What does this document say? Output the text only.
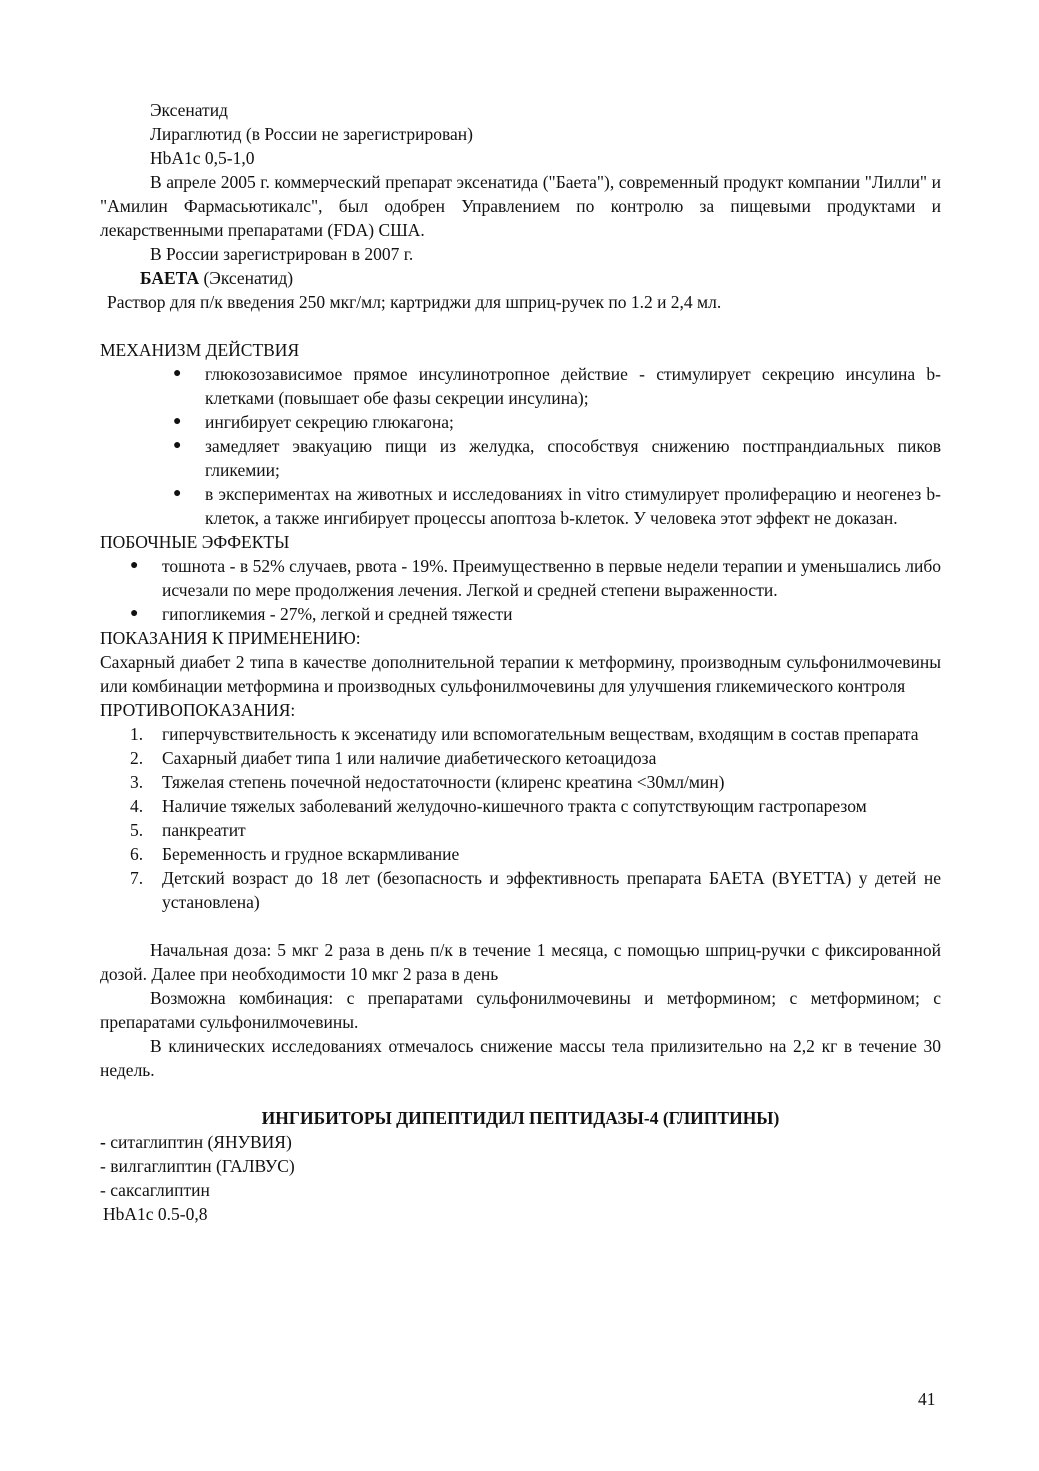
Эксенатид

Лираглютид (в России не зарегистрирован)

HbA1c 0,5-1,0

В апреле 2005 г. коммерческий препарат эксенатида ("Баета"), современный продукт компании "Лилли" и "Амилин Фармасьютикалс", был одобрен Управлением по контролю за пищевыми продуктами и лекарственными препаратами (FDA) США.

В России зарегистрирован в 2007 г.

БАЕТА (Эксенатид)

Раствор для п/к введения 250 мкг/мл; картриджи для шприц-ручек по 1.2 и 2,4 мл.

МЕХАНИЗМ ДЕЙСТВИЯ

● глюкозозависимое прямое инсулинотропное действие - стимулирует секрецию инсулина b-клетками (повышает обе фазы секреции инсулина);
● ингибирует секрецию глюкагона;
● замедляет эвакуацию пищи из желудка, способствуя снижению постпрандиальных пиков гликемии;
● в экспериментах на животных и исследованиях in vitro стимулирует пролиферацию и неогенез b-клеток, а также ингибирует процессы апоптоза b-клеток. У человека этот эффект не доказан.

ПОБОЧНЫЕ ЭФФЕКТЫ

● тошнота - в 52% случаев, рвота - 19%. Преимущественно в первые недели терапии и уменьшались либо исчезали по мере продолжения лечения. Легкой и средней степени выраженности.
● гипогликемия - 27%, легкой и средней тяжести

ПОКАЗАНИЯ К ПРИМЕНЕНИЮ:

Сахарный диабет 2 типа в качестве дополнительной терапии к метформину, производным сульфонилмочевины или комбинации метформина и производных сульфонилмочевины для улучшения гликемического контроля

ПРОТИВОПОКАЗАНИЯ:

1. гиперчувствительность к эксенатиду или вспомогательным веществам, входящим в состав препарата
2. Сахарный диабет типа 1 или наличие диабетического кетоацидоза
3. Тяжелая степень почечной недостаточности (клиренс креатина <30мл/мин)
4. Наличие тяжелых заболеваний желудочно-кишечного тракта с сопутствующим гастропарезом
5. панкреатит
6. Беременность и грудное вскармливание
7. Детский возраст до 18 лет (безопасность и эффективность препарата БАЕТА (BYETTA) у детей не установлена)

Начальная доза: 5 мкг 2 раза в день п/к в течение 1 месяца, с помощью шприц-ручки с фиксированной дозой. Далее при необходимости 10 мкг 2 раза в день

Возможна комбинация: с препаратами сульфонилмочевины и метформином; с метформином; с препаратами сульфонилмочевины.

В клинических исследованиях отмечалось снижение массы тела прилизительно на 2,2 кг в течение 30 недель.

ИНГИБИТОРЫ ДИПЕПТИДИЛ ПЕПТИДАЗЫ-4 (ГЛИПТИНЫ)

- ситаглиптин (ЯНУВИЯ)

- вилгаглиптин (ГАЛВУС)

- саксаглиптин

HbA1c 0.5-0,8

41
